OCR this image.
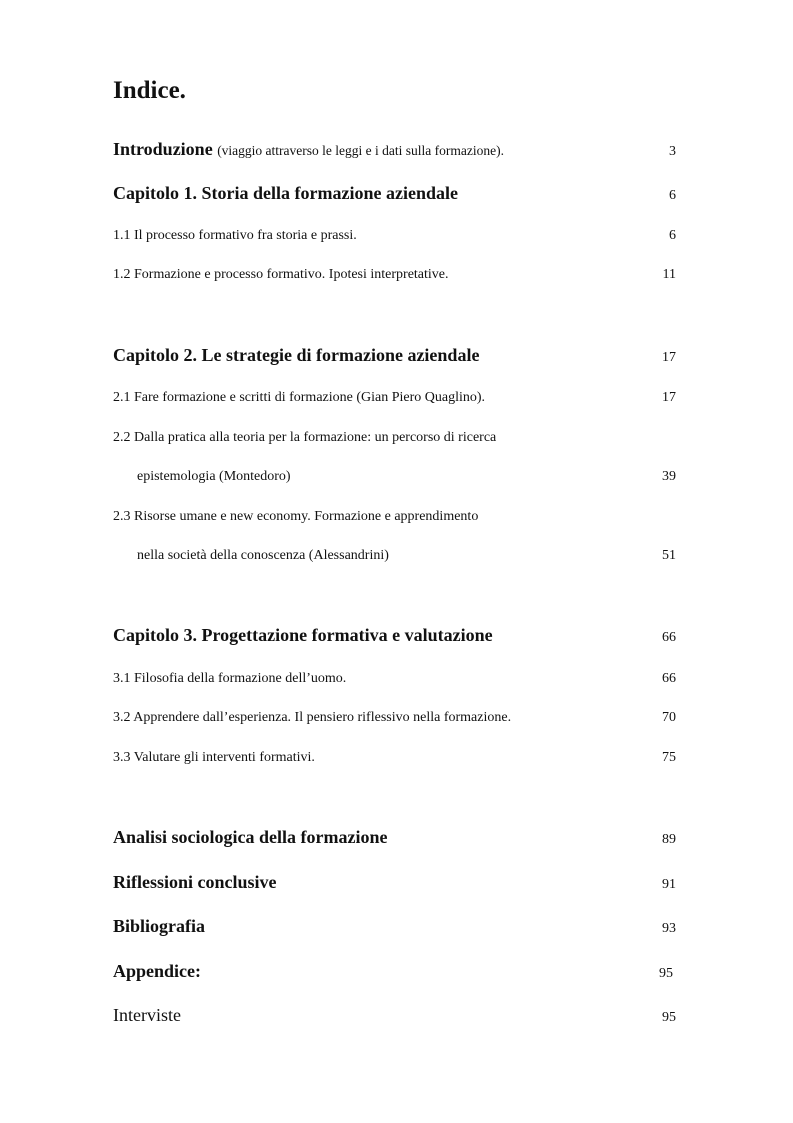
Indice.
Introduzione (viaggio attraverso le leggi e i dati sulla formazione).	3
Capitolo 1. Storia della formazione aziendale	6
1.1 Il processo formativo fra storia e prassi.	6
1.2 Formazione e processo formativo. Ipotesi interpretative.	11
Capitolo 2. Le strategie di formazione aziendale	17
2.1 Fare formazione e scritti di formazione (Gian Piero Quaglino).	17
2.2 Dalla pratica alla teoria per la formazione: un percorso di ricerca
epistemologia (Montedoro)	39
2.3 Risorse umane e new economy. Formazione e apprendimento
nella società della conoscenza (Alessandrini)	51
Capitolo 3. Progettazione formativa e valutazione	66
3.1 Filosofia della formazione dell’uomo.	66
3.2 Apprendere dall’esperienza. Il pensiero riflessivo nella formazione.	70
3.3 Valutare gli interventi formativi.	75
Analisi sociologica della formazione	89
Riflessioni conclusive	91
Bibliografia	93
Appendice:	95
Interviste	95
